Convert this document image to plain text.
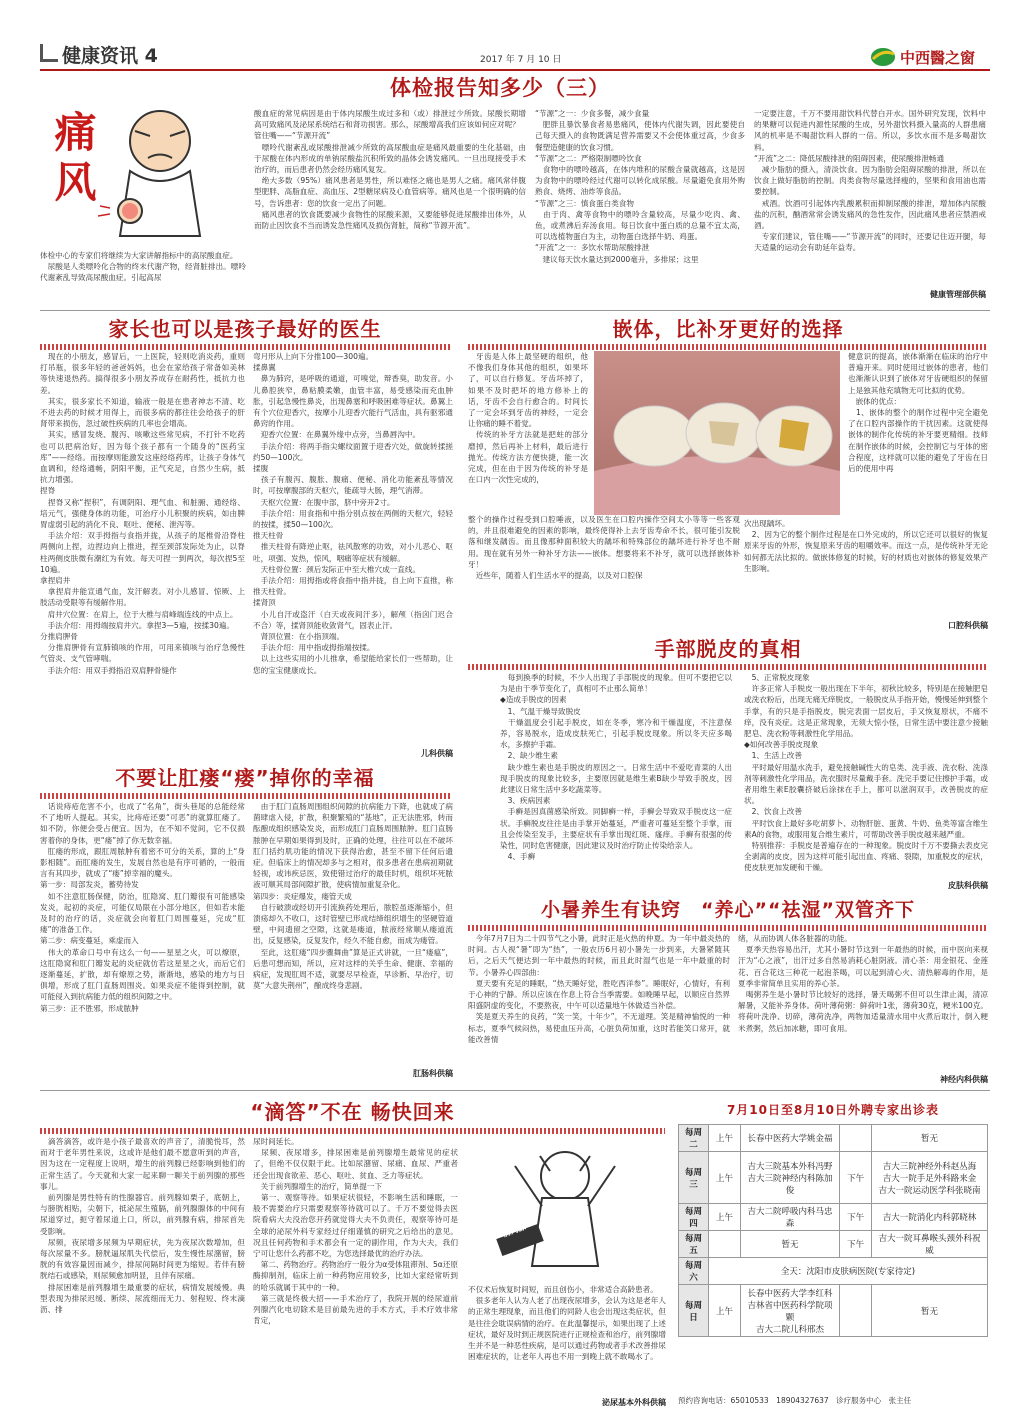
健康资讯 4	2017 年 7 月 10 日	中西醫之窗
体检报告知多少（三）
痛风
体检中心的专家们将继续为大家讲解指标中的高尿酸血症。
　尿酸是人类嘌呤化合物的终末代谢产物，经肾脏排出。嘌呤代谢紊乱导致高尿酸血症。引起高尿
酸血症的常见病因是由于体内尿酸生成过多和（或）排泄过少所致。尿酸长期增高可致痛风及泌尿系统结石和肾功损害。那么，尿酸增高我们应该如何应对呢？
管住嘴——“节源开流”
　嘌呤代谢紊乱或尿酸排泄减少所致的高尿酸血症是痛风最重要的生化基础，由于尿酸在体内形成的单钠尿酸盐沉积所致的晶体会诱发痛风。一旦出现接受手术治疗的，而后患者仍然会经历痛风复发。
　绝大多数（95%）痛风患者是男性，所以难怪之痛也是男人之痛。痛风常伴腹型肥胖、高脂血症、高血压、2型糖尿病及心血管病等。痛风也是一个很明确的信号，告诉患者：您的饮食一定出了问题。
　痛风患者的饮食既要减少食物性的尿酸来源，又要能够促进尿酸排出体外，从而防止因饮食不当而诱发急性痛风及损伤肾脏，简称“节源开流”。
“节源”之一：少食多餐，减少食量
　肥胖且暴饮暴食者易患痛风，使体内代谢失调，因此要使自己每天摄入的食物既满足营养需要又不会使体重过高，少食多餐塑造健康的饮食习惯。
“节源”之二：严格限制嘌呤饮食
　食物中的嘌呤越高，在体内堆积的尿酸含量就越高，这是因为食物中的嘌呤经过代谢可以转化成尿酸。尽量避免食用外购熟食、烧烤、油炸等食品。
“节源”之三：慎食蛋白类食物
　由于肉、禽等食物中的嘌呤含量较高，尽量少吃肉、禽、鱼，或煮沸后弃汤食用。每日饮食中蛋白质的总量不宜太高，可以选植物蛋白为主，动物蛋白选择牛奶、鸡蛋。
“开流”之一：多饮水帮助尿酸排泄
　建议每天饮水量达到2000毫升，多排尿；这里
一定要注意，千万不要用甜饮料代替白开水。国外研究发现，饮料中的果糖可以促进内源性尿酸的生成，另外甜饮料摄入量高的人群患痛风的机率是不喝甜饮料人群的一倍。所以，多饮水而不是多喝甜饮料。
“开流”之二：降低尿酸排泄的阻碍因素，使尿酸排泄畅通
　减少脂肪的摄入，清淡饮食。因为脂肪会阻碍尿酸的排泄，所以在饮食上做好脂肪的控制。肉类食物尽量选择瘦的，坚果和食用油也需要控制。
　戒酒。饮酒可引起体内乳酸累积而抑制尿酸的排泄，增加体内尿酸盐的沉积，酗酒常常会诱发痛风的急性发作，因此痛风患者应禁酒戒酒。
　专家们建议，管住嘴——“节源开流”的同时，还要记住迈开腿，每天适量的运动会有助延年益寿。
健康管理部供稿
家长也可以是孩子最好的医生
　现在的小朋友，感冒后，一上医院，轻则吃消炎药，重则打吊瓶，很多年轻的爸爸妈妈，也会在家给孩子常备如美林等快速退热药。搞得很多小朋友养成存在耐药性，抵抗力也差。
　其实，很多家长不知道，输液一般是在患者神志不清、吃不进去药的时候才用得上，而很多病的都往往会给孩子的肝肾带来损伤，忽过破性疾病的几率也会增高。
　其实，感冒发烧、腹泻、咳嗽这些常见病，不打针不吃药也可以把病治好，因为每个孩子都有一个随身的“医药宝库”——经络。而按摩则能激发这座经络药库，让孩子身体气血调和，经络通畅，阴阳平衡，正气充足，自然少生病，抵抗力增强。
捏脊
　捏脊又称“捏积”，有调阴阳、理气血、和脏腑、通经络、培元气，强健身体的功能，可治疗小儿积聚的疾病，如由脾胃虚弱引起的消化不良、呕吐、便秘、泄泻等。
　手法介绍：双手拇指与食指并拢，从孩子的尾椎骨沿脊柱两侧向上捏，边捏边向上推进，捏至颈部发际处为止，以脊柱两侧皮肤微有潮红为有效。每天可捏一到两次，每次捏5至10遍。
拿捏肩井
　拿捏肩井能宣通气血，发汗解表。对小儿感冒、惊厥、上肢活动受限等有缓解作用。
　肩井穴位置：在肩上，位于大椎与肩峰端连线的中点上。
　手法介绍：用拇端按肩井穴。拿捏3—5遍，按揉30遍。
分推肩胛骨
　分推肩胛骨有宣肺镇咳的作用，可用来镇咳与治疗急慢性气管炎、支气管哮喘。
　手法介绍：用双手拇指沿双肩胛骨缝作
弯月形从上向下分推100—300遍。
揉鼻翼
　鼻为肺窍，是呼吸的通道，可嗅觉，辩香臭，助发音。小儿鼻腔狭窄，鼻粘膜柔嫩，血管丰富，易受感染而充血肿胀，引起急慢性鼻炎，出现鼻塞和呼吸困难等症状。鼻翼上有个穴位迎香穴，按摩小儿迎香穴能行气活血，具有驱邪通鼻窍的作用。
　迎香穴位置：在鼻翼外缘中点旁，当鼻唇沟中。
　手法介绍：将两手指尖螺纹面置于迎香穴处，做旋转揉搓约50—100次。
揉腹
　孩子有腹泻、腹胀、腹痛、便秘、消化功能紊乱等情况时，可按摩腹部的天枢穴，能疏导大肠，理气消滞。
　天枢穴位置：在腹中部，脐中旁开2寸。
　手法介绍：用食指和中指分别点按在两侧的天枢穴，轻轻的按揉，揉50—100次。
推天柱骨
　推天柱骨有降逆止呕，祛风散寒的功效，对小儿恶心、呕吐，项强、发热，惊风，咽痛等症状有缓解。
　天柱骨位置：颈后发际正中至大椎穴成一直线。
　手法介绍：用拇指或将食指中指并拢，自上向下直推，称推天柱骨。
揉肾顶
　小儿自汗或盗汗（白天或夜间汗多），解颅（指囟门迟合不合）等，揉肾顶能收敛肾气，固表止汗。
　肾顶位置：在小指顶端。
　手法介绍：用中指或拇指端按揉。
　以上这些实用的小儿推拿，希望能给家长们一些帮助，让您的宝宝健康成长。
儿科供稿
嵌体，比补牙更好的选择
　牙齿是人体上最坚硬的组织，他不像我们身体其他的组织，如果坏了，可以自行修复。牙齿坏掉了，如果不及时把坏的地方修补上的话，牙齿不会自行愈合的。时间长了一定会坏到牙齿的神经，一定会让你痛的睡不着觉。
　传统的补牙方法就是把蛀的部分磨掉，然后再补上材料，最后进行抛光。传统方法方便快捷，能一次完成，但在由于因为传统的补牙是在口内一次性完成的，
健意识的提高，嵌体渐渐在临床的治疗中普遍开来。同时使用过嵌体的患者，他们也渐渐认识到了嵌体对牙齿硬组织的保留上是独其他充填物无可比拟的优势。
　嵌体的优点：
　1、嵌体的整个的制作过程中完全避免了在口腔内部操作的干扰因素。这就使得嵌体的制作化传统的补牙要更精细。技师在制作嵌体的时候，会控制它与牙体的密合程度，这样就可以能的避免了牙齿在日后的使用中再
整个的操作过程受到口腔唾液，以及医生在口腔内操作空间太小等等一些客观的，并且很难避免的因素的影响，最终使得补上去牙齿寿命不长，很可能引发脱落和继发龋齿。而且像那种面积较大的龋坏和特殊部位的龋坏进行补牙也不耐用。现在就有另外一种补牙方法——嵌体。想要将来不补牙，就可以选择嵌体补牙！
　近些年，随着人们生活水平的提高，以及对口腔保
次出现龋坏。
　2、因为它的整个制作过程是在口外完成的，所以它还可以很好的恢复原来牙齿的外形，恢复原来牙齿的咀嚼效率。而这一点，是传统补牙无论如何都无法比拟的。做嵌体修复的时候，好的材质也对嵌体的修复效果产生影响。
口腔科供稿
手部脱皮的真相
　每到换季的时候，不少人出现了手部脱皮的现象。但可不要把它以为是由于季节变化了，真相可不止那么简单！
◆造成手脱皮的因素
　1、气温干燥导致脱皮
　干燥温度会引起手脱皮，如在冬季，寒冷和干燥温度，不注意保养，容易脱水，造成皮肤死亡，引起手脱皮现象。所以冬天应多喝水，多擦护手霜。
　2、缺少维生素
　缺少维生素也是手脱皮的原因之一。日常生活中不爱吃青菜的人出现手脱皮的现象比较多，主要原因就是维生素B缺少导致手脱皮，因此建议日常生活中多吃蔬菜等。
　3、疾病因素
　手癣是因真菌感染所致。同脚癣一样，手癣会导致双手脱皮这一症状。手癣脱皮往往是由手掌开始蔓延，严重者可蔓延至整个手掌，而且会传染至发手，主要症状有手掌出现红斑、瘙痒。手癣有很强的传染性，同时危害健康，因此建议及时治疗防止传染给亲人。
　4、手癣
　5、正常脱皮现象
　许多正常人手脱皮一般出现在下半年，初秋比较多，特别是在接触肥皂或洗衣粉后，出现无痛无痒脱皮，一般脱皮从手指开始，慢慢延伸到整个手掌，有的只是手指脱皮，脱完表面一层皮后，手又恢复原状，不痛不痒，没有炎症。这是正常现象，无须大惊小怪，日常生活中要注意少接触肥皂、洗衣粉等刺激性化学用品。
◆如何改善手脱皮现象
　1、生活上改善
　平时最好用温水洗手，避免接触碱性大的皂类、洗手液、洗衣粉、洗涤剂等刺激性化学用品，洗衣服时尽量戴手套。洗完手要记住擦护手霜，或者用维生素E胶囊挤破后涂抹在手上，都可以滋润双手，改善脱皮的症状。
　2、饮食上改善
　平时饮食上最好多吃胡萝卜、动物肝脏、蛋黄、牛奶、鱼类等富含维生素A的食物，或服用复合维生素片，可帮助改善手脱皮越来越严重。
　特别推荐：手脱皮是普遍存在的一种现象。脱皮时千万不要撕去表皮完全剥离的皮皮，因为这样可能引起出血、疼痛、裂隙，加重脱皮的症状，使皮肤更加发硬和干燥。
皮肤科供稿
不要让肛瘘“瘘”掉你的幸福
　话说痔疮危害不小，也成了“名角”，街头巷尾的总能经常不了地听人提起。其实，比痔疮还要“可恶”的就算肛瘘了。如不防，你便会受占便宜。因为，在不知不觉间，它不仅损害着你的身体，更“瘘”掉了你无数幸福。
　肛瘘的形成，跟肛周脓肿有着密不可分的关系，算的上“身影相随”。而肛瘘的发生，发展自然也是有序可循的，一般而言有其四步，就成了“瘘”掉幸福的魔头。
第一步：局部发炎，蓄势待发
　如不注意肛肠保健，防治，肛隐窝、肛门瓣很有可能感染发炎，起初的炎症，可能仅局限在小部分地区，但如若未能及时的治疗的话，炎症就会向着肛门周围蔓延，完成“肛瘘”的准备工作。
第二步：病变蔓延，乘虚而入
　伟大的革命口号中有这么一句——星星之火，可以燎原，这肛隐窝和肛门瓣发起的炎症就仿若这星星之火，而后它们逐渐蔓延，扩散，却有燎原之势，渐渐地，感染的地方与日俱增，形成了肛门直肠周围炎。如果炎症不能得到控制，就可能侵入到抗病能力低的组织间隙之中。
第三步：正不胜邪，形成脓肿
　由于肛门直肠周围组织间隙的抗病能力下降，也就成了病菌肆虐入侵，扩散，积聚繁殖的“基地”，正无法胜邪，转而酝酿成组织感染发炎，而形成肛门直肠周围脓肿。肛门直肠脓肿在早期如果得到及时，正确的处理，往往可以在不破坏肛门括约肌功能的情况下获得治愈，甚至不留下任何后遗症。但临床上的情况却多与之相对，很多患者在患病初期就轻视，或讳疾忌医，致使错过治疗的最佳时机，组织坏死脓液可顺其局部间隙扩散，使病情加重复杂化。
第四步：炎症爆发，瘘管天成
　自行破溃或经切开引流换药处理后，脓腔虽逐渐缩小，但溃疡却久不收口，这时管壁已形成结缔组织增生的坚硬管道壁，中间遗留之空隙，这就是瘘道，脓液经常顺从瘘道流出，反复感染，反复发作，经久不能自愈，而成为瘘管。
　至此，这肛瘘“四步骤舞曲”算是正式讲就，一旦“瘘瘟”，后患可想而知，所以，应对这样的关乎生命、健康、幸福的病症，发现肛周不适，就要尽早检查，早诊断、早治疗，切莫“大意失荆州”，酿成终身悲剧。
肛肠科供稿
小暑养生有诀窍　“养心”“祛湿”双管齐下
　今年7月7日为二十四节气之小暑，此时正是火热的仲夏。为一年中最炎热的时间。古人视“暑”即为“热”，一般农历6月初小暑先一步到来，大暑紧随其后，之后天气便达到一年中最热的时候，而且此时湿气也是一年中最重的时节。小暑养心四部曲：
　夏天要有充足的睡眠，“热天睡好觉，胜吃西洋参”。睡眠好，心情好，有利于心神的宁静。所以应该在作息上符合当季需要。如晚睡早起，以顺应自然界阳盛阴虚的变化，不要熬夜，中午可以适量地午休做适当补偿。
　笑是夏天养生的良药，“笑一笑，十年少”，不无道理。笑是精神愉悦的一种标志，夏季气候闷热，易使血压升高，心脏负荷加重，这时若能笑口常开，就能改善情
绪，从而协调人体各脏器的功能。
　夏季天热容易出汗，尤其小暑时节这到一年最热的时候，而中医向来视汗为“心之液”，出汗过多自然易消耗心脏阴液。清心茶：用金银花、金莲花、百合花这三种花一起泡茶喝，可以起到清心火、清热解毒的作用，是夏季非常简单且实用的养心茶。
　喝粥养生是小暑时节比较好的选择，暑天喝粥不但可以生津止渴，清凉解暑，又能补养身体。荷叶薄荷粥：鲜荷叶1张，薄荷30克，粳米100克。将荷叶洗净、切碎，薄荷洗净，两物加适量清水用中火煮后取汁，倒入粳米煮粥，然后加冰糖，即可食用。
神经内科供稿
“滴答”不在 畅快回来
　滴答滴答，或许是小孩子最喜欢的声音了，清脆悦耳，然而对于老年男性来说，这或许是他们最不愿意听到的声音，因为这在一定程度上说明，增生的前列腺已经影响到他们的正常生活了。今天就和大家一起来聊一聊关于前列腺的那些事儿。
　前列腺是男性特有的性腺器官。前列腺如栗子，底朝上，与膀胱相贴，尖朝下，抵泌尿生殖膈，前列腺腺体的中间有尿道穿过，扼守着尿道上口，所以，前列腺有病，排尿首先受影响。
　尿频，夜尿增多尿频为早期症状，先为夜尿次数增加，但每次尿量不多。膀胱逼尿肌失代偿后，发生慢性尿潴留，膀胱的有效容量因而减少，排尿间隔时间更为缩短。若伴有膀胱结石或感染，则尿频愈加明显，且伴有尿痛。
　排尿困难是前列腺增生最重要的症状，病情发展缓慢。典型表现为排尿迟缓、断续、尿流细而无力、射程短、终末滴沥、排
尿时间延长。
　尿频、夜尿增多，排尿困难是前列腺增生最常见的症状了，但绝不仅仅限于此。比如尿潴留、尿痛、血尿、严重者还会出现食欲差、恶心、呕吐、贫血、乏力等症状。
　关于前列腺增生的治疗，简单提一下
　第一、观察等待。如果症状很轻，不影响生活和睡眠，一般不需要治疗只需要观察等待就可以了。千万不要觉得去医院看病大夫没治您开药就觉得大夫不负责任，观察等待可是全球的泌尿外科专家经过仔细谨慎的研究之后给出的意见。况且任何药物和手术都会有一定的副作用，作为大夫，我们宁可让您什么药都不吃，为您选择最优的治疗办法。
　第二、药物治疗。药物治疗一般分为α受体阻滞剂、5α还原酶抑制剂，临床上前一种药物应用较多，比如大家经常听到的哈乐就属于其中的一种。
　第三就是终极大招——手术治疗了，我院开展的经尿道前列腺汽化电切除术是目前最先进的手术方式，手术疗效非常肯定，
前列腺
不仅术后恢复时间短，而且创伤小，非常适合高龄患者。
　很多老年人认为人老了出现夜尿增多，会认为这是老年人的正常生理现象，而且他们的同龄人也会出现这类症状，但是往往会耽误病情的治疗。在此温馨提示，如果出现了上述症状，最好及时到正规医院进行正规检查和治疗，前列腺增生并不是一种恶性疾病，是可以通过药物或者手术改善排尿困难症状的，让老年人再也不用一到晚上就不敢喝水了。
泌尿基本外科供稿
7月10日至8月10日外聘专家出诊表
每周二	上午	长春中医药大学姚金福		暂无
每周三	上午	吉大三院基本外科冯野
吉大三院神经内科陈加俊	下午	吉大三院神经外科赵丛海
吉大一院手足外科路来金
吉大一院运动医学科张晓南
每周四	上午	吉大二院呼吸内科马忠森	下午	吉大一院消化内科郭晓林
每周五		暂无	下午	吉大一院耳鼻喉头颈外科祝威
每周六	全天：沈阳市皮肤病医院(专家待定)			
每周日	上午	长春中医药大学李红科
吉林省中医药科学院项颗
吉大二院儿科邢杰		暂无
预约咨询电话：65010533　18904327637　诊疗服务中心　张主任
